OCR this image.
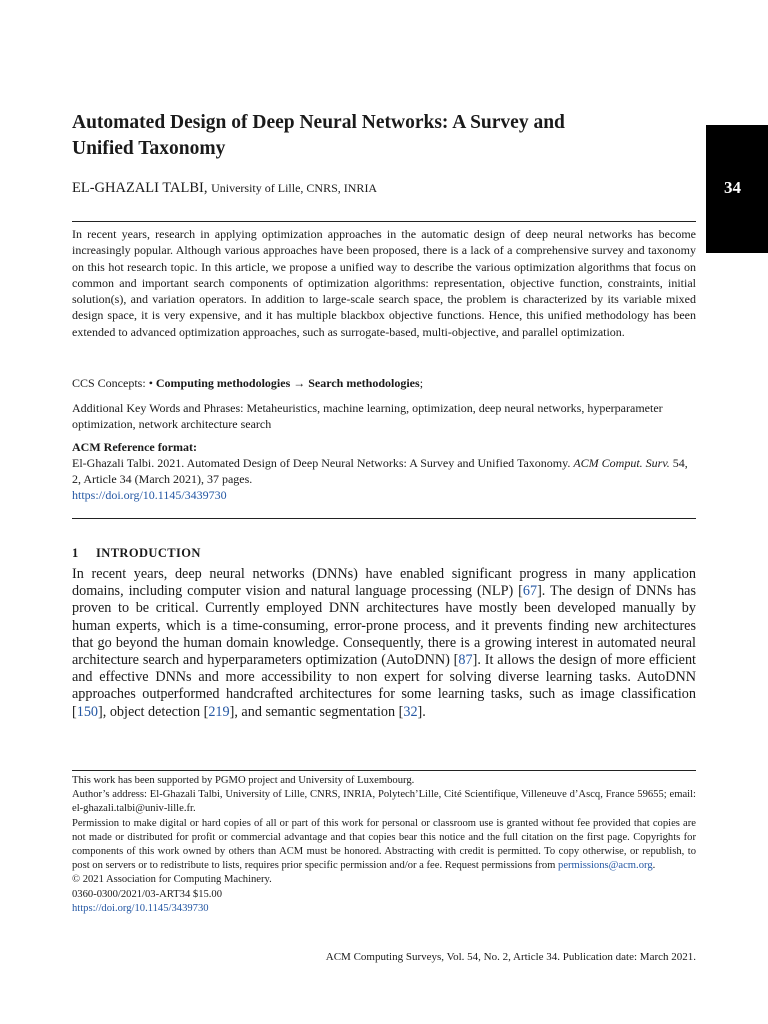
34
Automated Design of Deep Neural Networks: A Survey and
Unified Taxonomy
EL-GHAZALI TALBI, University of Lille, CNRS, INRIA

In recent years, research in applying optimization approaches in the automatic design of deep neural networks has become increasingly popular. Although various approaches have been proposed, there is a lack of a comprehensive survey and taxonomy on this hot research topic. In this article, we propose a unified way to describe the various optimization algorithms that focus on common and important search components of optimization algorithms: representation, objective function, constraints, initial solution(s), and variation operators. In addition to large-scale search space, the problem is characterized by its variable mixed design space, it is very expensive, and it has multiple blackbox objective functions. Hence, this unified methodology has been extended to advanced optimization approaches, such as surrogate-based, multi-objective, and parallel optimization.

CCS Concepts: • Computing methodologies → Search methodologies;

Additional Key Words and Phrases: Metaheuristics, machine learning, optimization, deep neural networks, hyperparameter optimization, network architecture search

ACM Reference format:
El-Ghazali Talbi. 2021. Automated Design of Deep Neural Networks: A Survey and Unified Taxonomy. ACM Comput. Surv. 54, 2, Article 34 (March 2021), 37 pages.
https://doi.org/10.1145/3439730

1 INTRODUCTION

In recent years, deep neural networks (DNNs) have enabled significant progress in many application domains, including computer vision and natural language processing (NLP) [67]. The design of DNNs has proven to be critical. Currently employed DNN architectures have mostly been developed manually by human experts, which is a time-consuming, error-prone process, and it prevents finding new architectures that go beyond the human domain knowledge. Consequently, there is a growing interest in automated neural architecture search and hyperparameters optimization (AutoDNN) [87]. It allows the design of more efficient and effective DNNs and more accessibility to non expert for solving diverse learning tasks. AutoDNN approaches outperformed handcrafted architectures for some learning tasks, such as image classification [150], object detection [219], and semantic segmentation [32].

This work has been supported by PGMO project and University of Luxembourg.
Author’s address: El-Ghazali Talbi, University of Lille, CNRS, INRIA, Polytech’Lille, Cité Scientifique, Villeneuve d’Ascq, France 59655; email: el-ghazali.talbi@univ-lille.fr.
Permission to make digital or hard copies of all or part of this work for personal or classroom use is granted without fee provided that copies are not made or distributed for profit or commercial advantage and that copies bear this notice and the full citation on the first page. Copyrights for components of this work owned by others than ACM must be honored. Abstracting with credit is permitted. To copy otherwise, or republish, to post on servers or to redistribute to lists, requires prior specific permission and/or a fee. Request permissions from permissions@acm.org.
© 2021 Association for Computing Machinery.
0360-0300/2021/03-ART34 $15.00
https://doi.org/10.1145/3439730
ACM Computing Surveys, Vol. 54, No. 2, Article 34. Publication date: March 2021.
